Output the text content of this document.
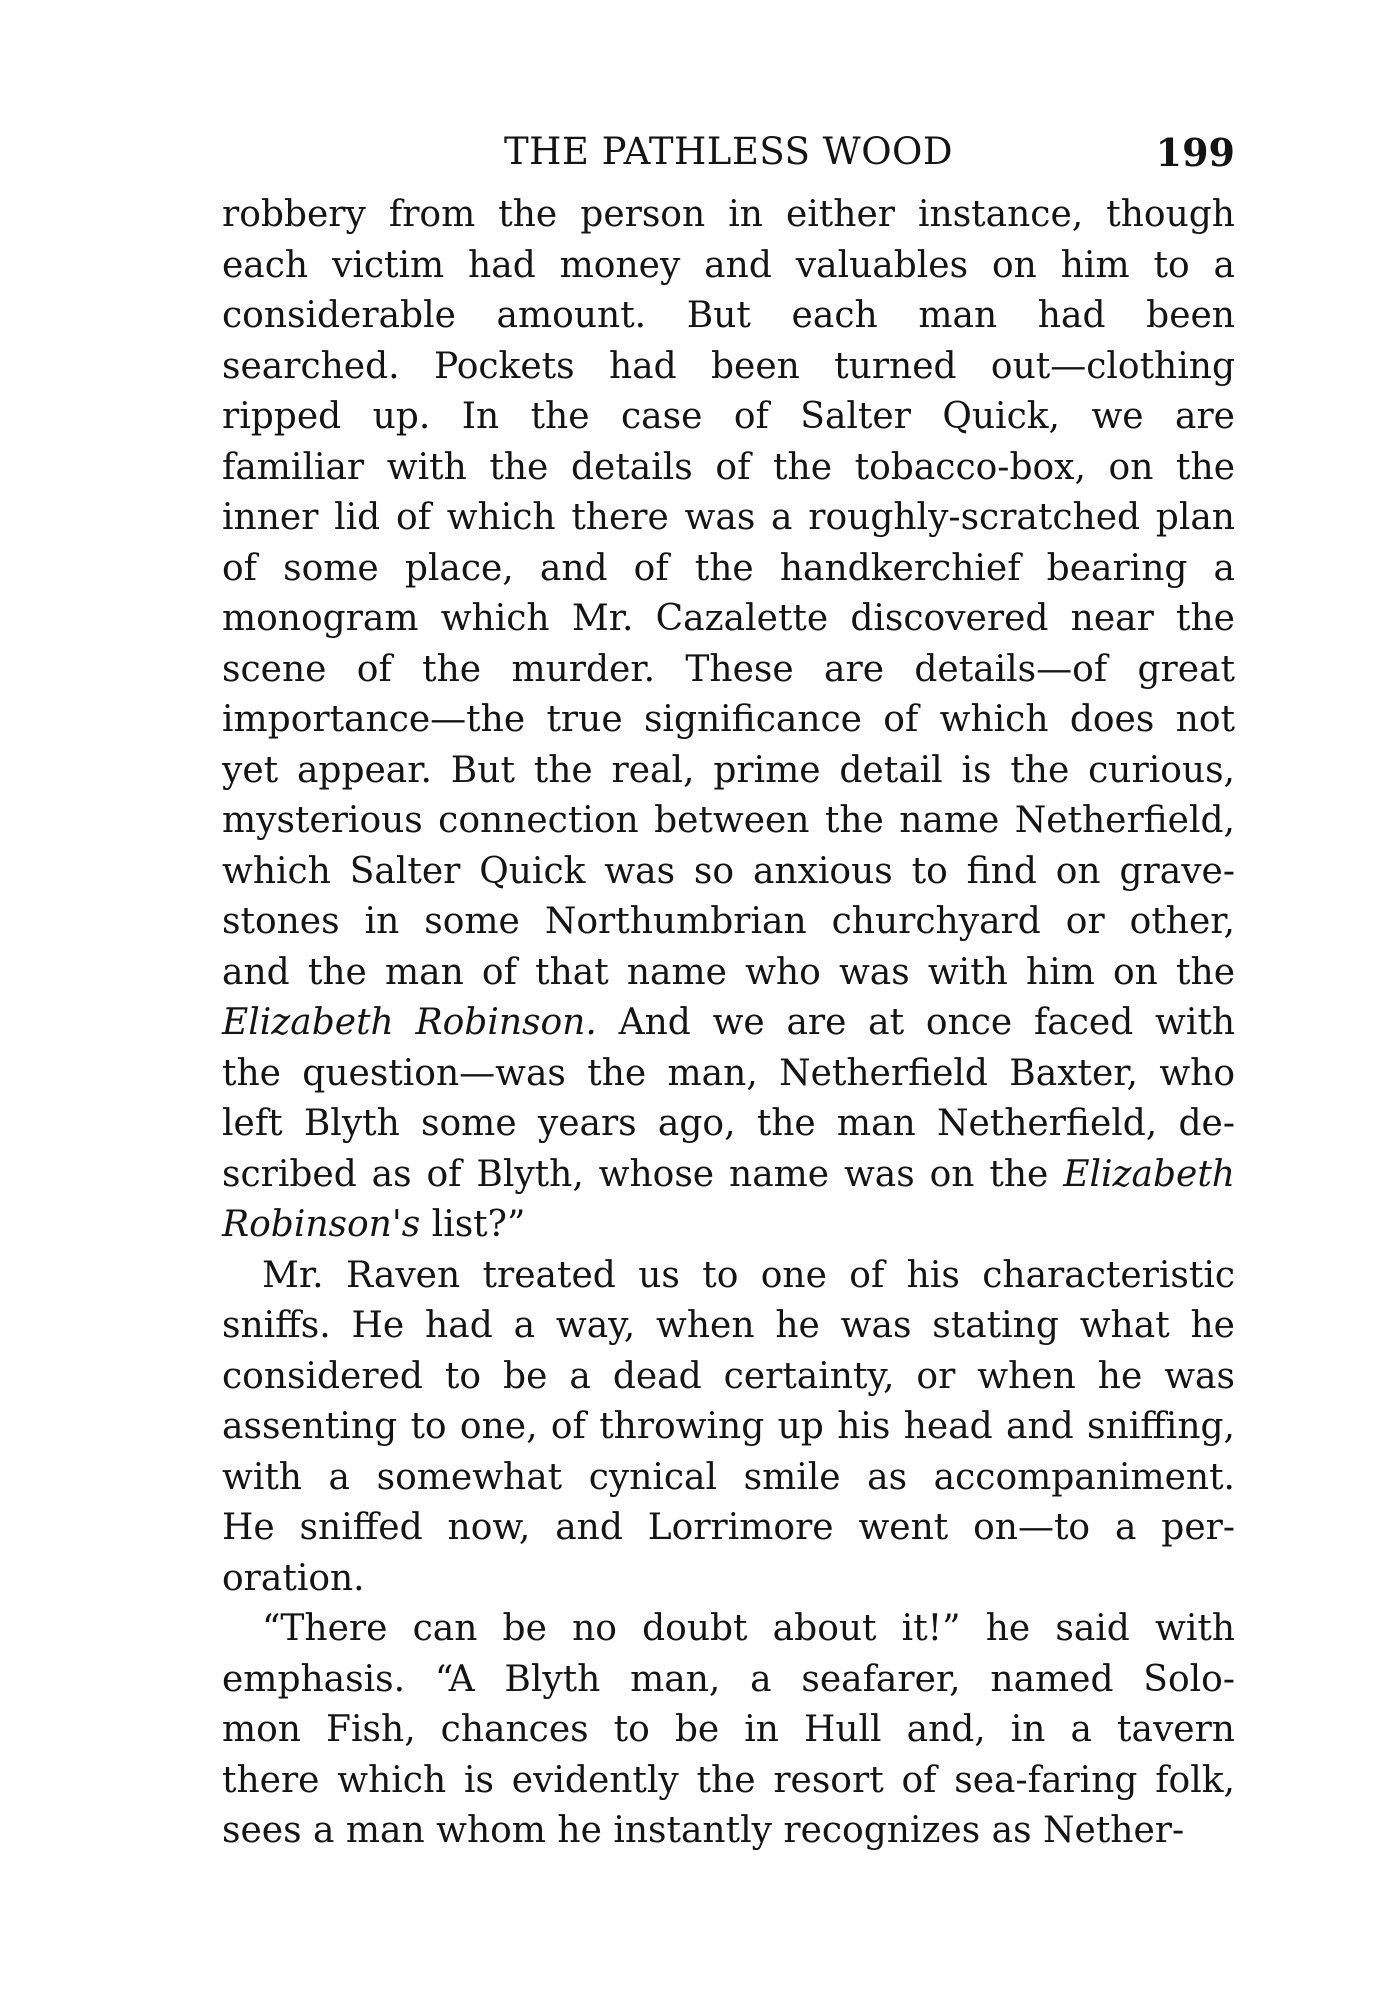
THE PATHLESS WOOD	199
robbery from the person in either instance, though
each victim had money and valuables on him to a
considerable amount. But each man had been
searched. Pockets had been turned out—clothing
ripped up. In the case of Salter Quick, we are
familiar with the details of the tobacco-box, on the
inner lid of which there was a roughly-scratched plan
of some place, and of the handkerchief bearing a
monogram which Mr. Cazalette discovered near the
scene of the murder. These are details—of great
importance—the true significance of which does not
yet appear. But the real, prime detail is the curious,
mysterious connection between the name Netherfield,
which Salter Quick was so anxious to find on grave-
stones in some Northumbrian churchyard or other,
and the man of that name who was with him on the
Elizabeth Robinson. And we are at once faced with
the question—was the man, Netherfield Baxter, who
left Blyth some years ago, the man Netherfield, de-
scribed as of Blyth, whose name was on the Elizabeth
Robinson's list?”
Mr. Raven treated us to one of his characteristic
sniffs. He had a way, when he was stating what he
considered to be a dead certainty, or when he was
assenting to one, of throwing up his head and sniffing,
with a somewhat cynical smile as accompaniment.
He sniffed now, and Lorrimore went on—to a per-
oration.
“There can be no doubt about it!” he said with
emphasis. “A Blyth man, a seafarer, named Solo-
mon Fish, chances to be in Hull and, in a tavern
there which is evidently the resort of sea-faring folk,
sees a man whom he instantly recognizes as Nether-
